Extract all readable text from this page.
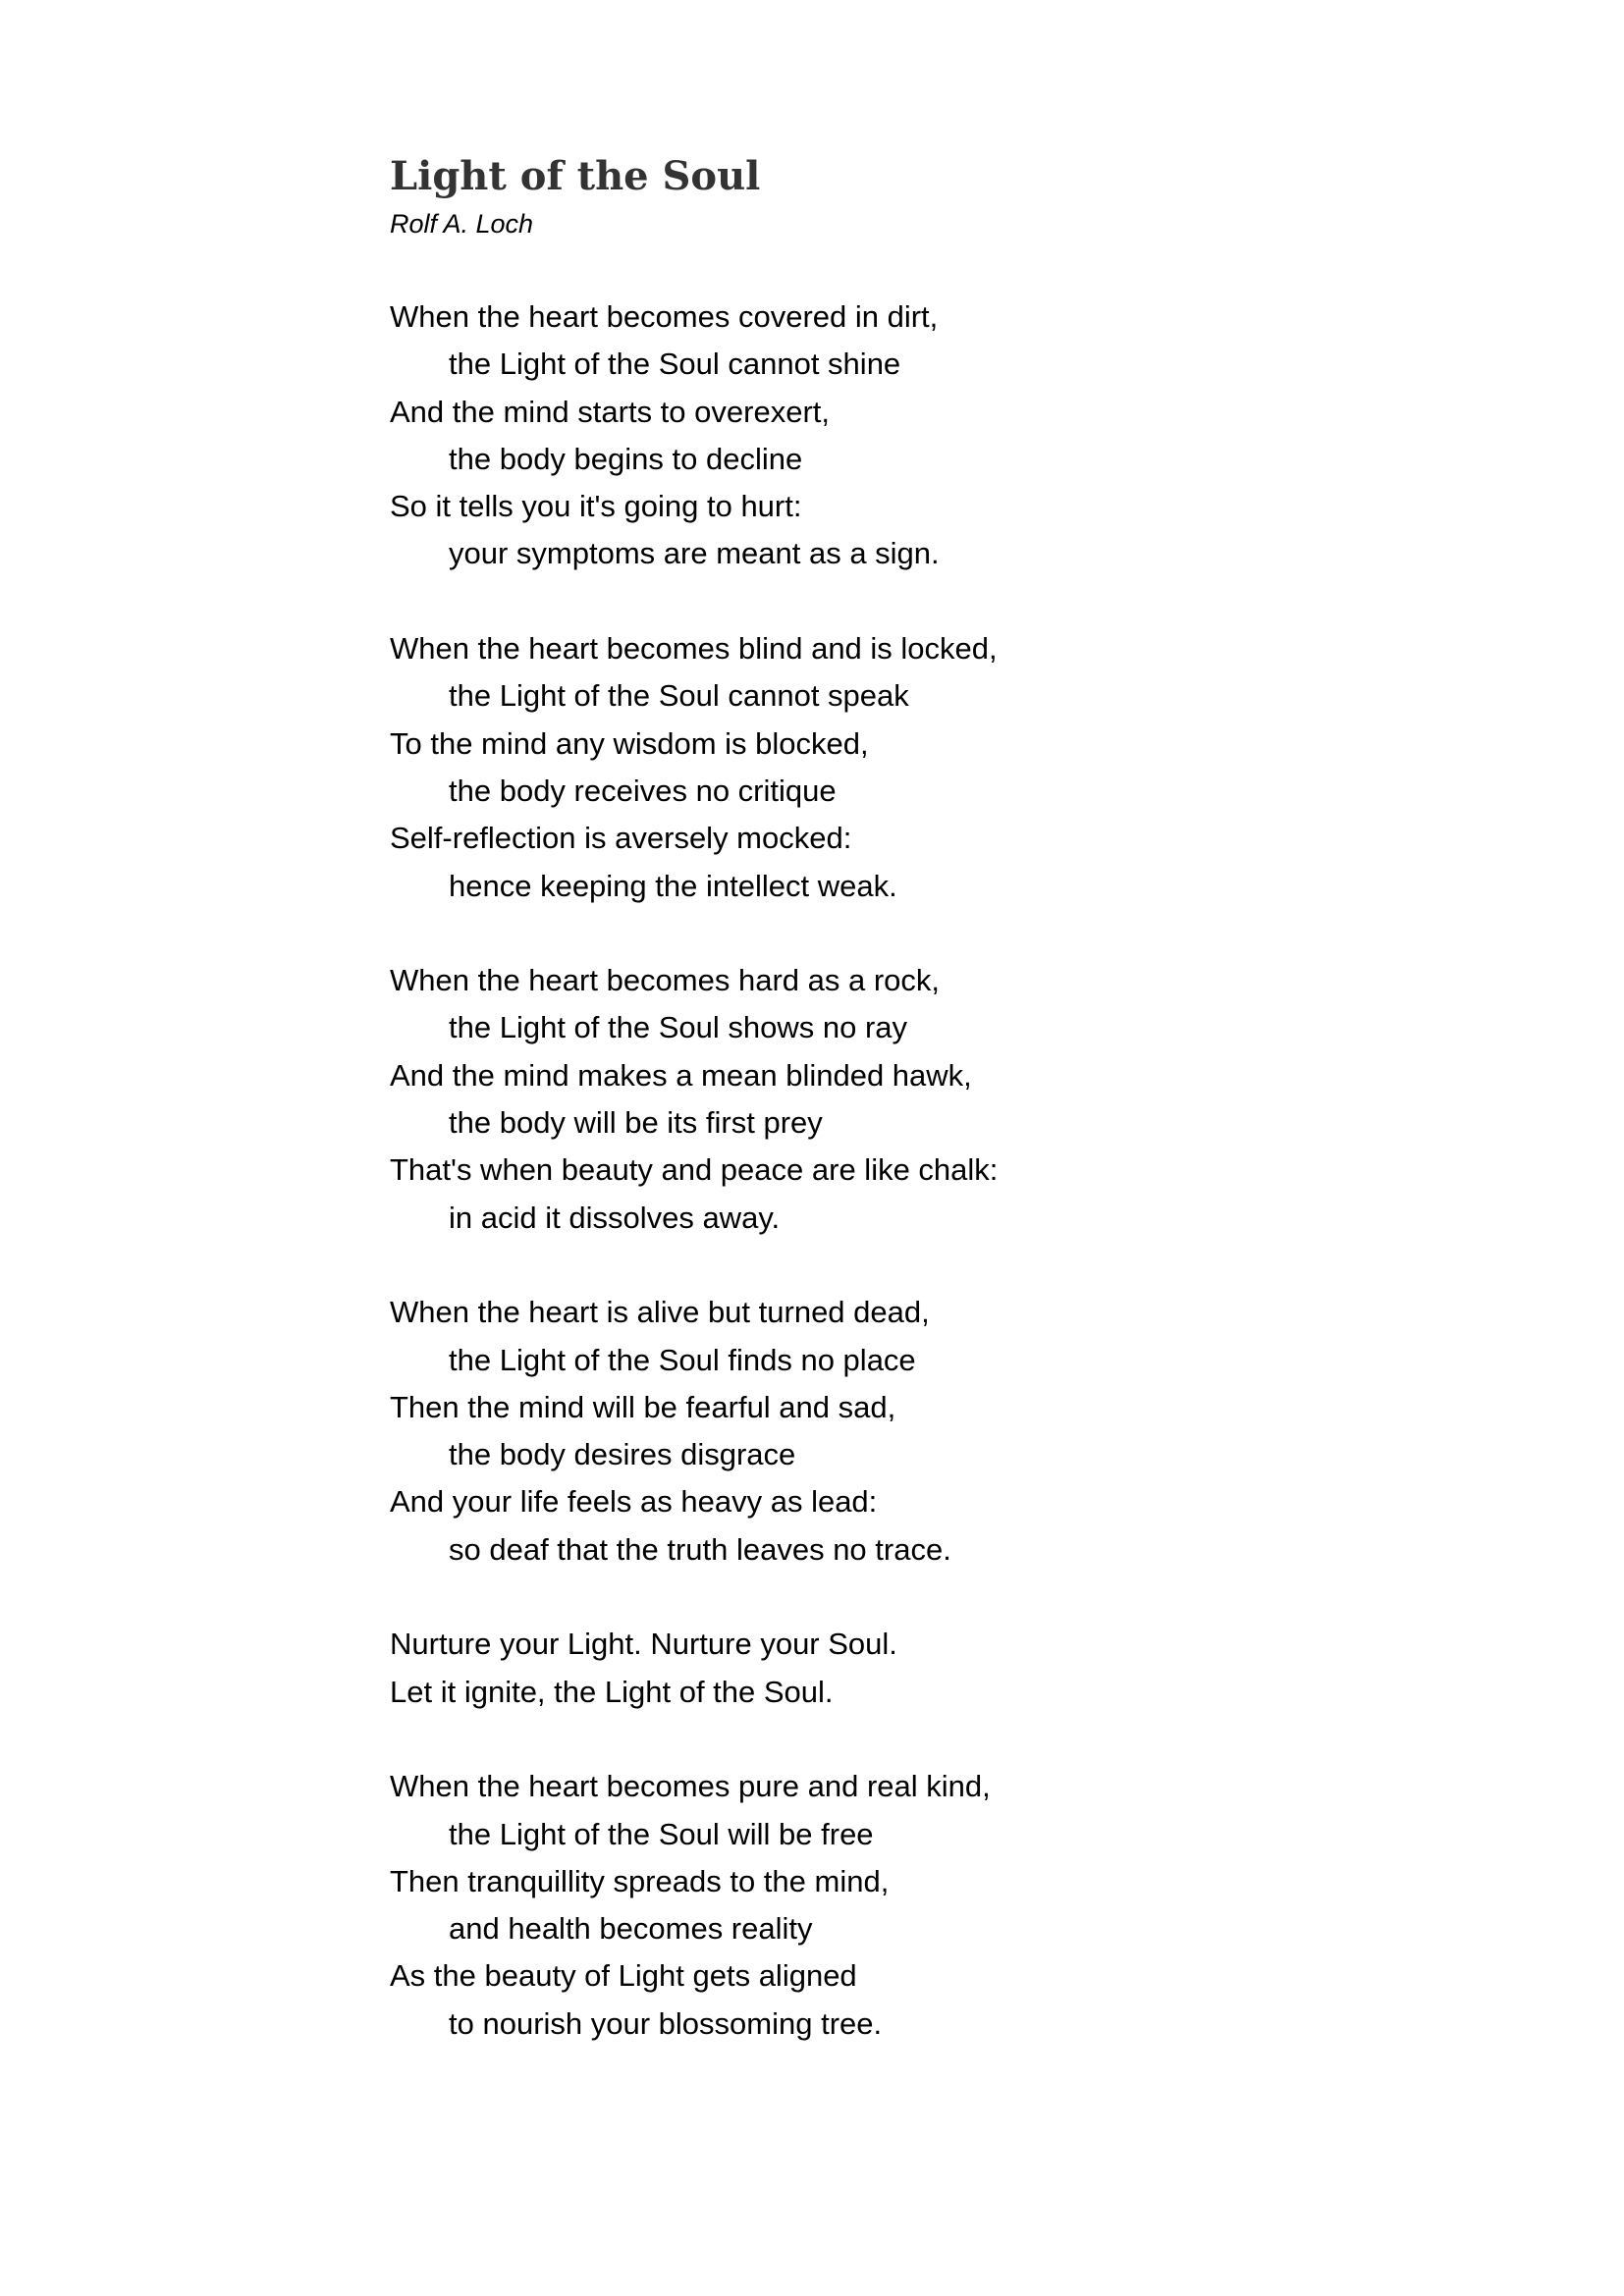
Light of the Soul

Rolf A. Loch

When the heart becomes covered in dirt,
the Light of the Soul cannot shine
And the mind starts to overexert,
the body begins to decline
So it tells you it's going to hurt:
your symptoms are meant as a sign.
When the heart becomes blind and is locked,
the Light of the Soul cannot speak
To the mind any wisdom is blocked,
the body receives no critique
Self-reflection is aversely mocked:
hence keeping the intellect weak.
When the heart becomes hard as a rock,
the Light of the Soul shows no ray
And the mind makes a mean blinded hawk,
the body will be its first prey
That's when beauty and peace are like chalk:
in acid it dissolves away.
When the heart is alive but turned dead,
the Light of the Soul finds no place
Then the mind will be fearful and sad,
the body desires disgrace
And your life feels as heavy as lead:
so deaf that the truth leaves no trace.
Nurture your Light. Nurture your Soul.
Let it ignite, the Light of the Soul.
When the heart becomes pure and real kind,
the Light of the Soul will be free
Then tranquillity spreads to the mind,
and health becomes reality
As the beauty of Light gets aligned
to nourish your blossoming tree.
